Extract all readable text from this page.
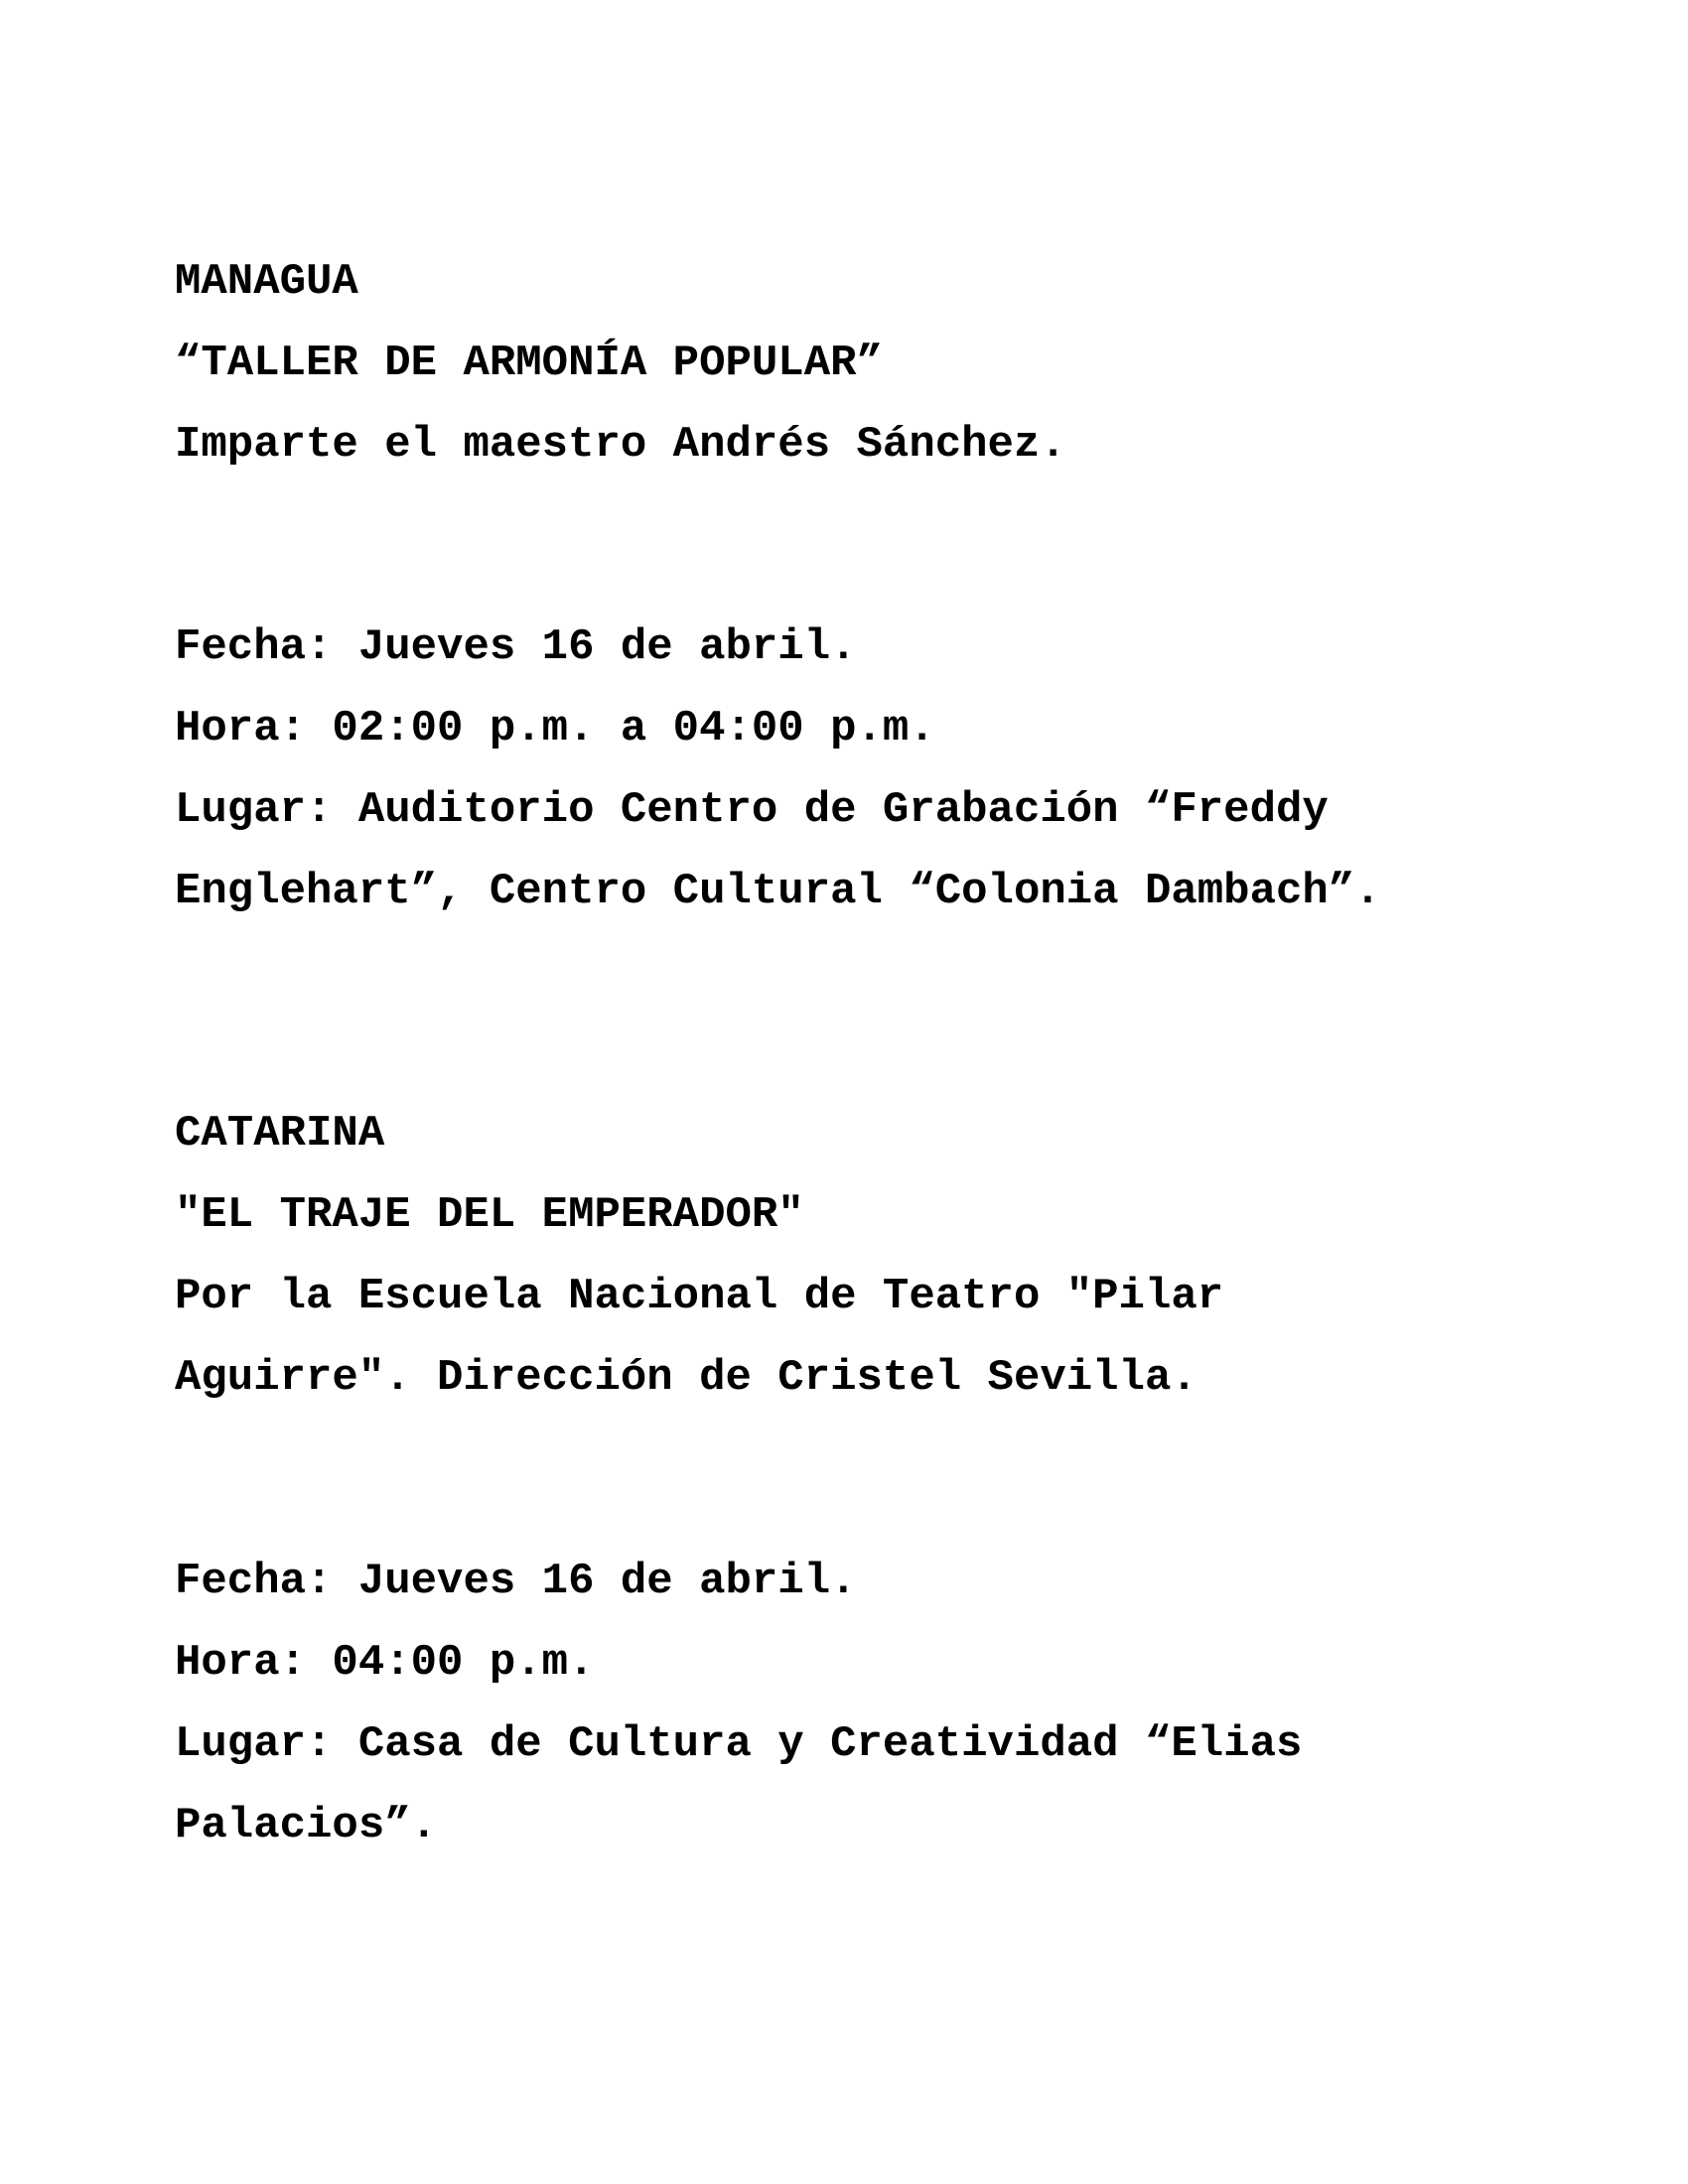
MANAGUA
“TALLER DE ARMONÍA POPULAR”
Imparte el maestro Andrés Sánchez.
Fecha: Jueves 16 de abril.
Hora: 02:00 p.m. a 04:00 p.m.
Lugar: Auditorio Centro de Grabación “Freddy
Englehart”, Centro Cultural “Colonia Dambach”.
CATARINA
"EL TRAJE DEL EMPERADOR"
Por la Escuela Nacional de Teatro "Pilar
Aguirre". Dirección de Cristel Sevilla.
Fecha: Jueves 16 de abril.
Hora: 04:00 p.m.
Lugar: Casa de Cultura y Creatividad “Elias
Palacios”.
